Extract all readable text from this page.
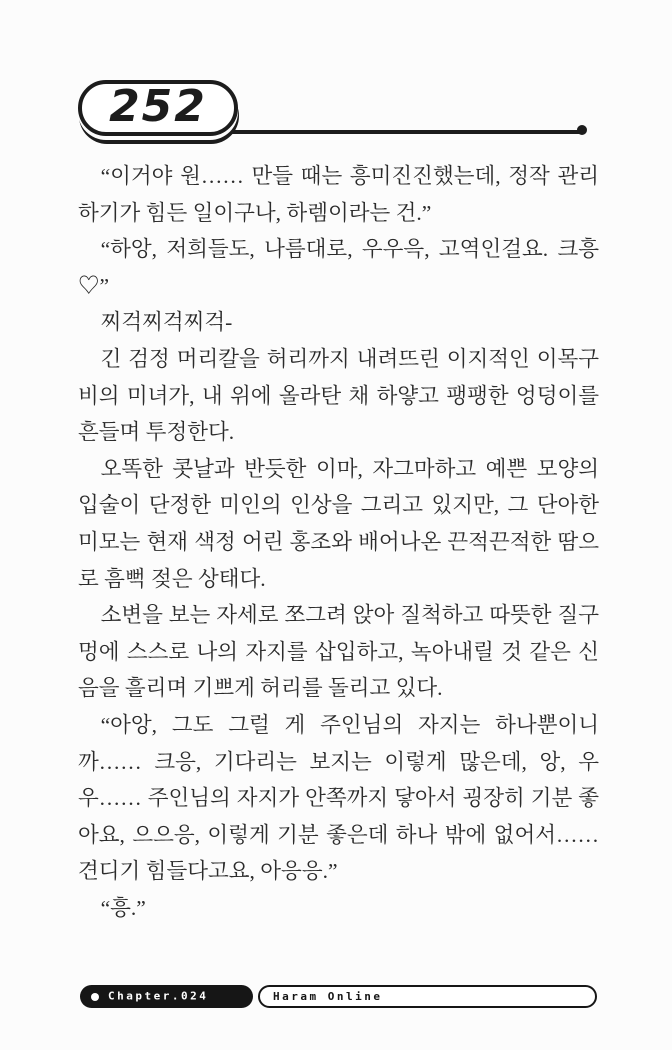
252

“이거야 원…… 만들 때는 흥미진진했는데, 정작 관리하기가 힘든 일이구나, 하렘이라는 건.”

“하앙, 저희들도, 나름대로, 우우윽, 고역인걸요. 크흥♡”

찌걱찌걱찌걱-

긴 검정 머리칼을 허리까지 내려뜨린 이지적인 이목구비의 미녀가, 내 위에 올라탄 채 하얗고 팽팽한 엉덩이를 흔들며 투정한다.

오똑한 콧날과 반듯한 이마, 자그마하고 예쁜 모양의 입술이 단정한 미인의 인상을 그리고 있지만, 그 단아한 미모는 현재 색정 어린 홍조와 배어나온 끈적끈적한 땀으로 흠뻑 젖은 상태다.

소변을 보는 자세로 쪼그려 앉아 질척하고 따뜻한 질구멍에 스스로 나의 자지를 삽입하고, 녹아내릴 것 같은 신음을 흘리며 기쁘게 허리를 돌리고 있다.

“아앙, 그도 그럴 게 주인님의 자지는 하나뿐이니까…… 크응, 기다리는 보지는 이렇게 많은데, 앙, 우우…… 주인님의 자지가 안쪽까지 닿아서 굉장히 기분 좋아요, 으으응, 이렇게 기분 좋은데 하나 밖에 없어서…… 견디기 힘들다고요, 아응응.”

“흥.”

Chapter.024	Haram Online
